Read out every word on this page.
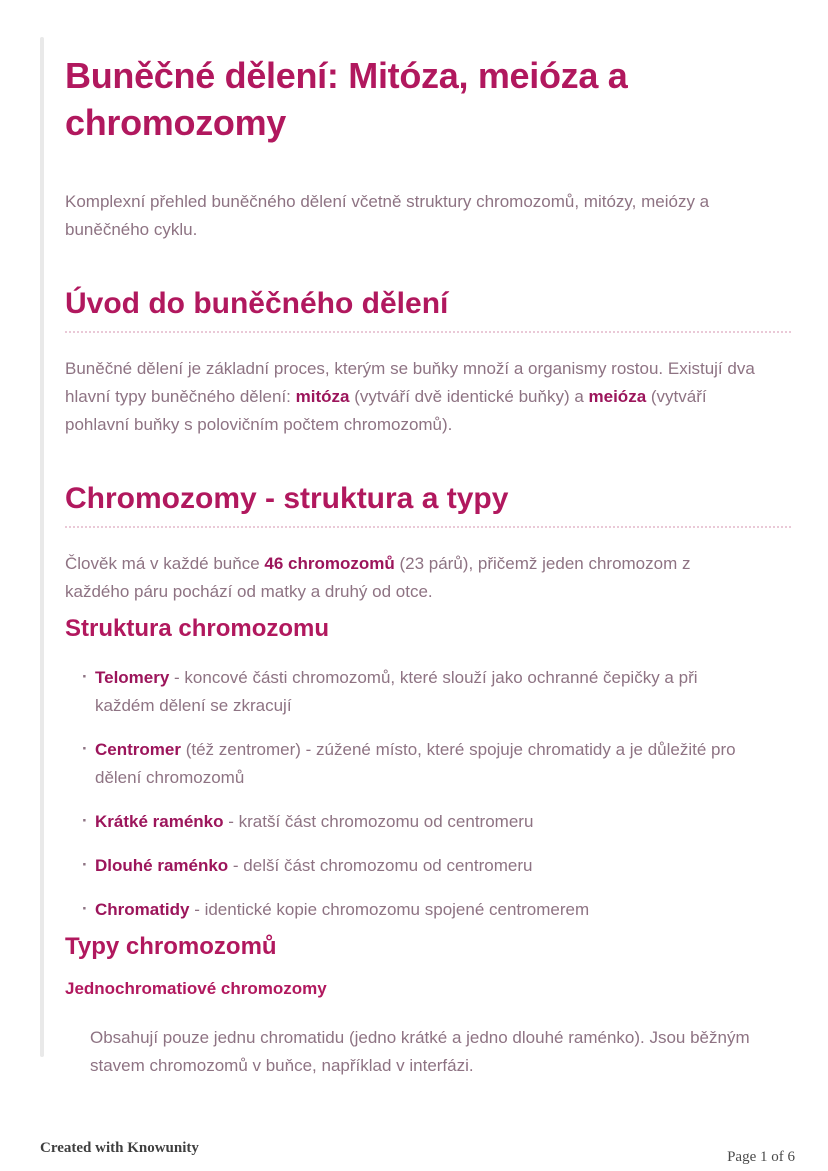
Buněčné dělení: Mitóza, meióza a chromozomy

Komplexní přehled buněčného dělení včetně struktury chromozomů, mitózy, meiózy a buněčného cyklu.

Úvod do buněčného dělení

Buněčné dělení je základní proces, kterým se buňky množí a organismy rostou. Existují dva hlavní typy buněčného dělení: mitóza (vytváří dvě identické buňky) a meióza (vytváří pohlavní buňky s polovičním počtem chromozomů).

Chromozomy - struktura a typy

Člověk má v každé buňce 46 chromozomů (23 párů), přičemž jeden chromozom z každého páru pochází od matky a druhý od otce.

Struktura chromozomu
· Telomery - koncové části chromozomů, které slouží jako ochranné čepičky a při každém dělení se zkracují
· Centromer (též zentromer) - zúžené místo, které spojuje chromatidy a je důležité pro dělení chromozomů
· Krátké raménko - kratší část chromozomu od centromeru
· Dlouhé raménko - delší část chromozomu od centromeru
· Chromatidy - identické kopie chromozomu spojené centromerem
Typy chromozomů
Jednochromatiové chromozomy

Obsahují pouze jednu chromatidu (jedno krátké a jedno dlouhé raménko). Jsou běžným stavem chromozomů v buňce, například v interfázi.

Created with Knowunity
Page 1 of 6
